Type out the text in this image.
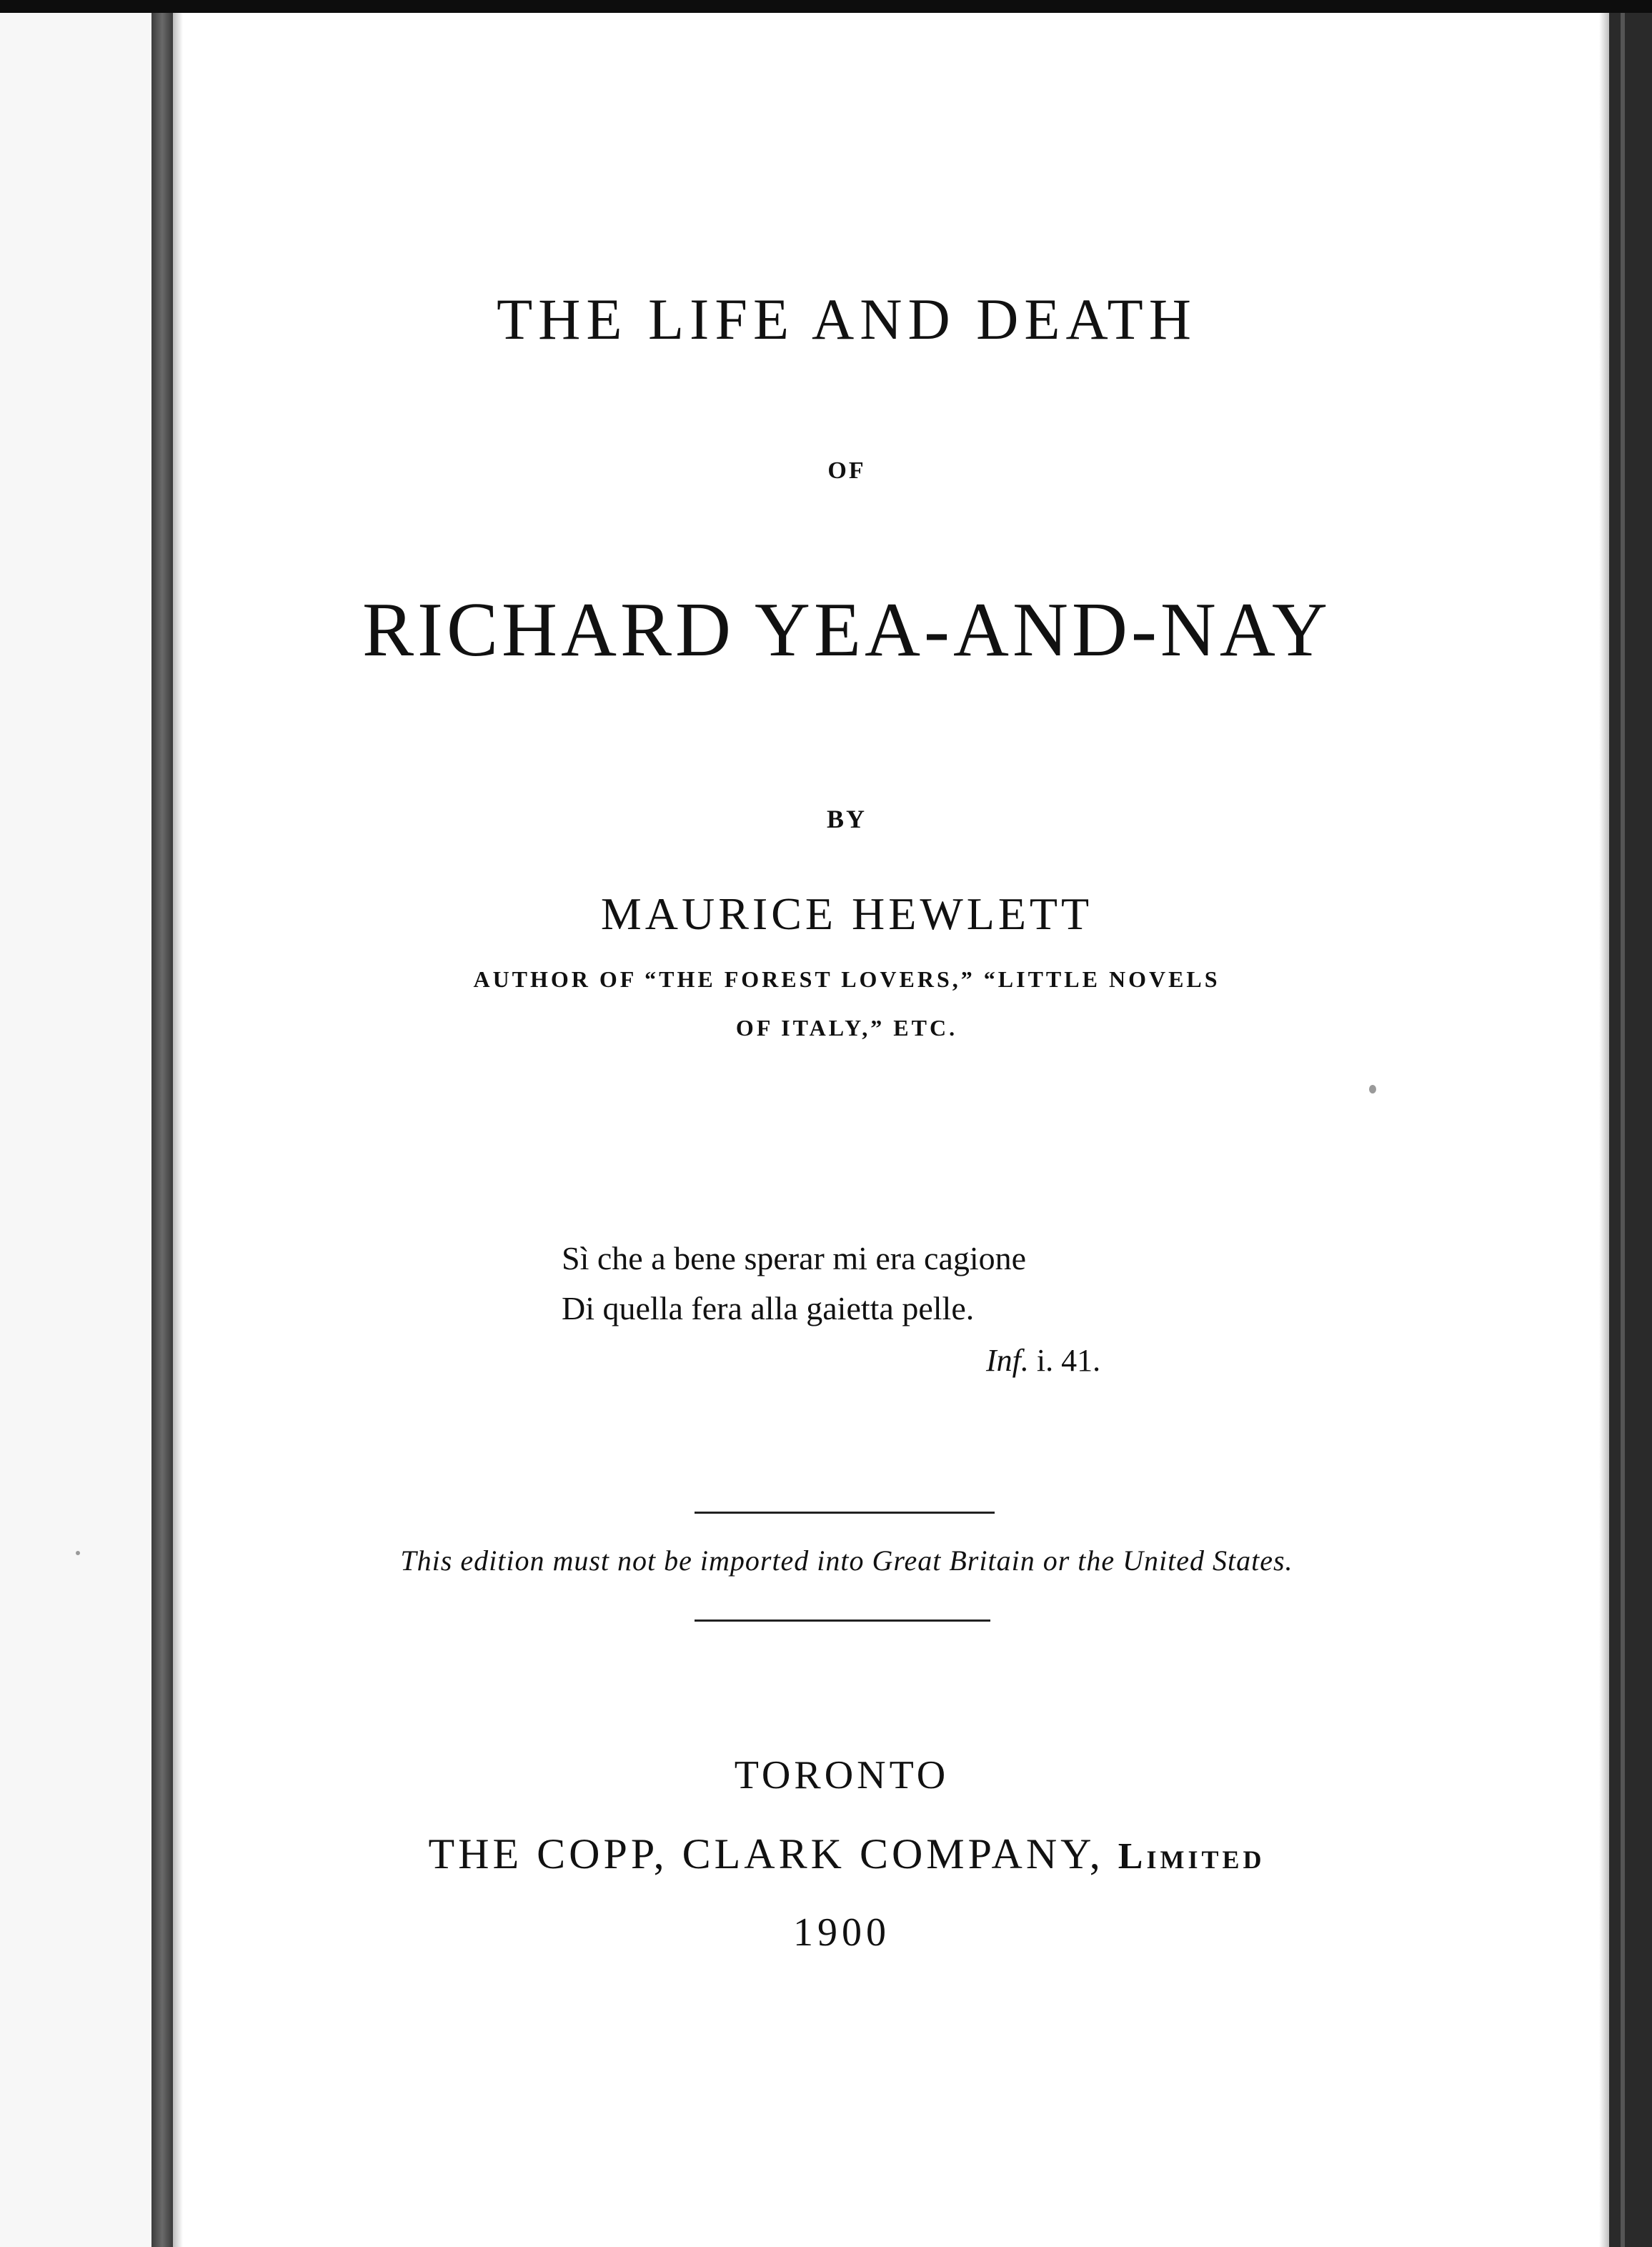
THE LIFE AND DEATH
OF
RICHARD YEA-AND-NAY
BY
MAURICE HEWLETT
AUTHOR OF “THE FOREST LOVERS,” “LITTLE NOVELS
OF ITALY,” ETC.

Sì che a bene sperar mi era cagione

Di quella fera alla gaietta pelle.

Inf. i. 41.

This edition must not be imported into Great Britain or the United States.

TORONTO
THE COPP, CLARK COMPANY, Limited
1900
